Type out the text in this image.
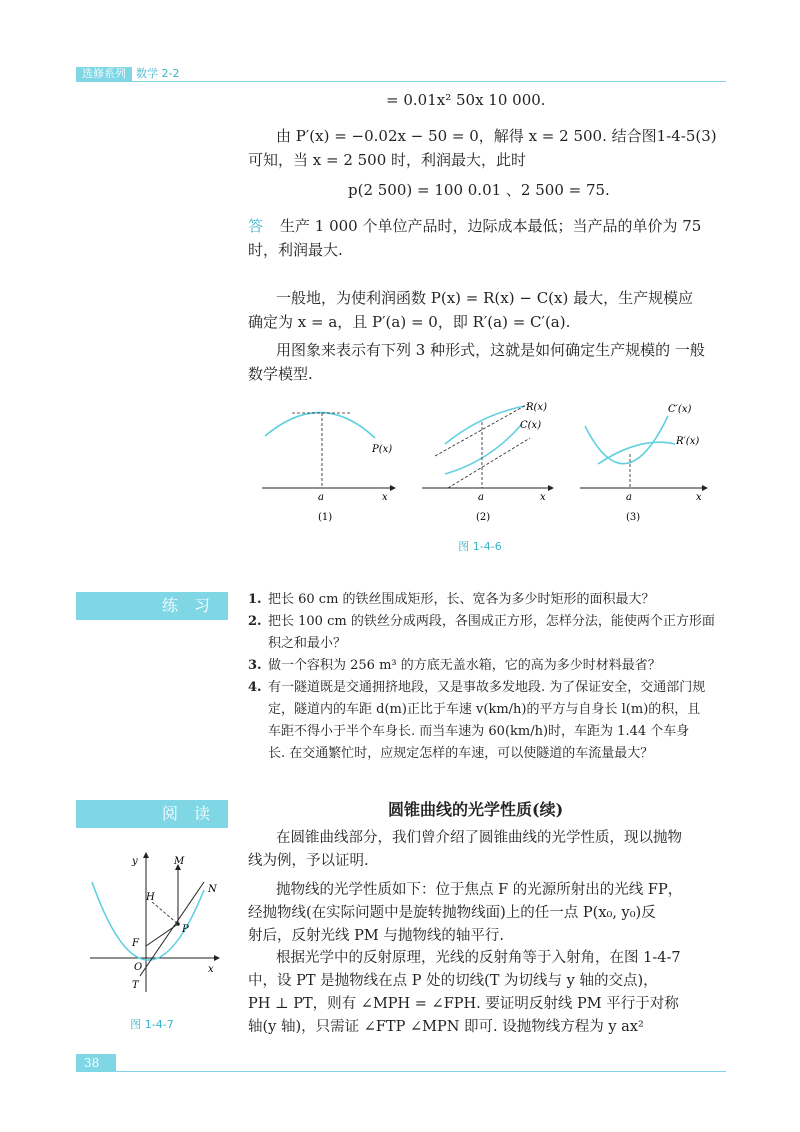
选修系列 数学 2-2
= 0.01x² 50x 10 000.
由 P′(x) = −0.02x − 50 = 0，解得 x = 2 500. 结合图1-4-5(3)
可知，当 x = 2 500 时，利润最大，此时
p(2 500) = 100 0.01 、2 500 = 75.
答 生产 1 000 个单位产品时，边际成本最低；当产品的单价为 75
时，利润最大.
一般地，为使利润函数 P(x) = R(x) − C(x) 最大，生产规模应
确定为 x = a，且 P′(a) = 0，即 R′(a) = C′(a).
用图象来表示有下列 3 种形式，这就是如何确定生产规模的 一般
数学模型.
a	x
P(x)
a	x
R(x)
C(x)
a	x
C′(x)
R′(x)
(1)	(2)	(3)
图 1-4-6
练习 1. 把长 60 cm 的铁丝围成矩形，长、宽各为多少时矩形的面积最大？
2. 把长 100 cm 的铁丝分成两段，各围成正方形，怎样分法，能使两个正方形面
积之和最小？
3. 做一个容积为 256 m³ 的方底无盖水箱，它的高为多少时材料最省？
4. 有一隧道既是交通拥挤地段，又是事故多发地段. 为了保证安全，交通部门规
定，隧道内的车距 d(m)正比于车速 v(km/h)的平方与自身长 l(m)的积，且
车距不得小于半个车身长. 而当车速为 60(km/h)时，车距为 1.44 个车身
长. 在交通繁忙时，应规定怎样的车速，可以使隧道的车流量最大？
阅读	圆锥曲线的光学性质(续)
在圆锥曲线部分，我们曾介绍了圆锥曲线的光学性质，现以抛物
线为例，予以证明.
抛物线的光学性质如下：位于焦点 F 的光源所射出的光线 FP，
经抛物线(在实际问题中是旋转抛物线面)上的任一点 P(x₀, y₀)反
射后，反射光线 PM 与抛物线的轴平行.
根据光学中的反射原理，光线的反射角等于入射角，在图 1-4-7
中，设 PT 是抛物线在点 P 处的切线(T 为切线与 y 轴的交点)，
PH ⊥ PT，则有 ∠MPH = ∠FPH. 要证明反射线 PM 平行于对称
轴(y 轴)，只需证 ∠FTP ∠MPN 即可. 设抛物线方程为 y ax²
y
x
O
M
N
H
F
P
T
图 1-4-7
38
